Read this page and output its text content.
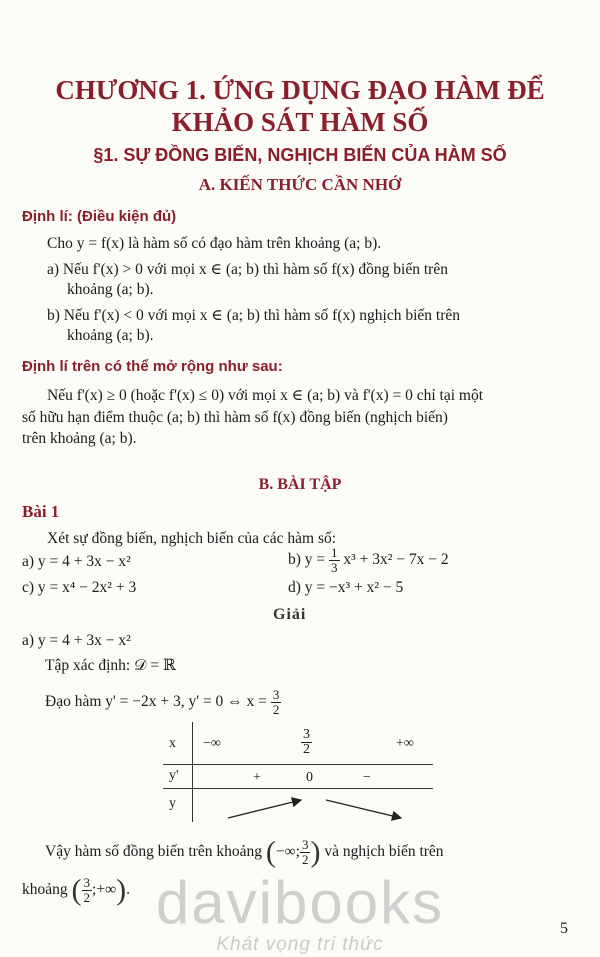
CHƯƠNG 1. ỨNG DỤNG ĐẠO HÀM ĐỂ
KHẢO SÁT HÀM SỐ
§1. SỰ ĐỒNG BIẾN, NGHỊCH BIẾN CỦA HÀM SỐ
A. KIẾN THỨC CẦN NHỚ
Định lí: (Điều kiện đủ)
Cho y = f(x) là hàm số có đạo hàm trên khoảng (a; b).
a) Nếu f'(x) > 0 với mọi x ∈ (a; b) thì hàm số f(x) đồng biến trên
khoảng (a; b).
b) Nếu f'(x) < 0 với mọi x ∈ (a; b) thì hàm số f(x) nghịch biến trên
khoảng (a; b).
Định lí trên có thể mở rộng như sau:
Nếu f'(x) ≥ 0 (hoặc f'(x) ≤ 0) với mọi x ∈ (a; b) và f'(x) = 0 chỉ tại một
số hữu hạn điểm thuộc (a; b) thì hàm số f(x) đồng biến (nghịch biến)
trên khoảng (a; b).
B. BÀI TẬP
Bài 1
Xét sự đồng biến, nghịch biến của các hàm số:
a) y = 4 + 3x − x²	b) $y = \frac{1}{3} x^3 + 3x^2 - 7x - 2$
c) y = x⁴ − 2x² + 3	d) y = −x³ + x² − 5
Giải
a) y = 4 + 3x − x²
Tập xác định: 𝒟 = ℝ
Đạo hàm y' = −2x + 3, y' = 0 ⇔ $x = \frac{3}{2}$
x −∞	$\frac{3}{2}$	+∞
y'	+	0	−
y
Vậy hàm số đồng biến trên khoảng (−∞; $\frac{3}{2}$ ) và nghịch biến trên
khoảng ( $\frac{3}{2}$ ;+∞). davibooks
Khát vọng tri thức
5
